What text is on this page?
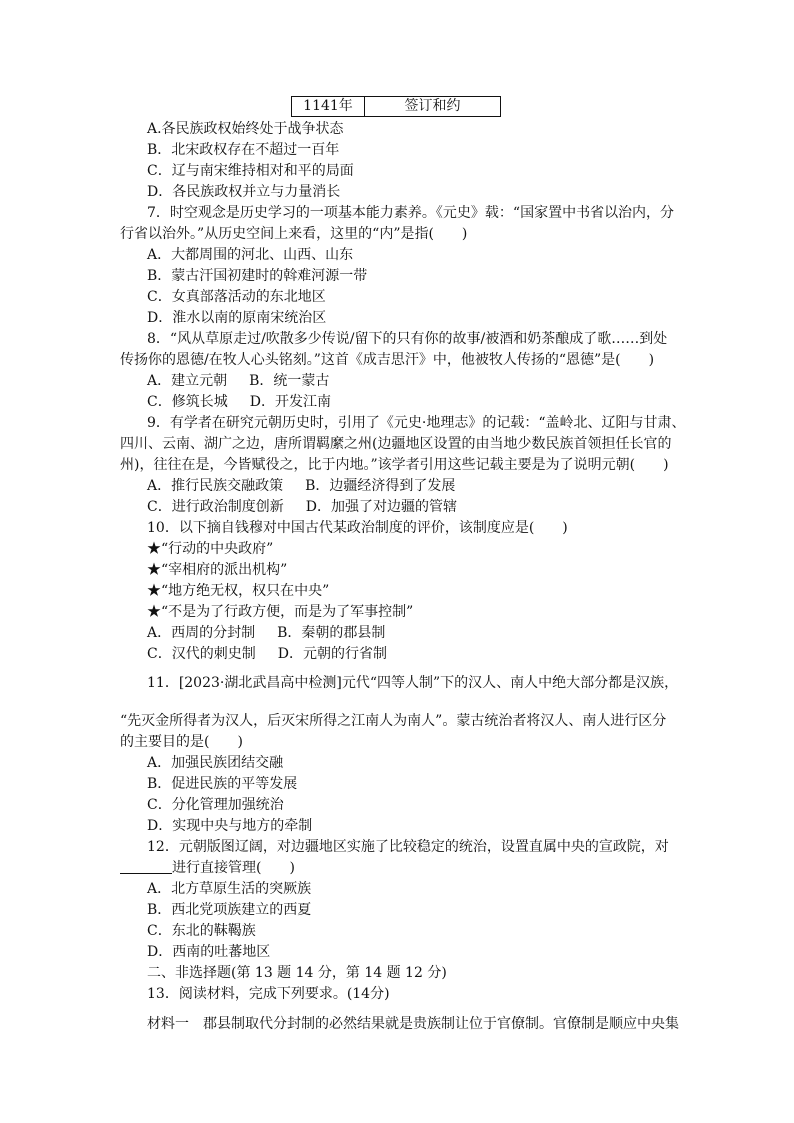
1141年	签订和约
A.各民族政权始终处于战争状态
B．北宋政权存在不超过一百年
C．辽与南宋维持相对和平的局面
D．各民族政权并立与力量消长
7．时空观念是历史学习的一项基本能力素养。《元史》载：“国家置中书省以治内，分
行省以治外。”从历史空间上来看，这里的“内”是指(　　)
A．大都周围的河北、山西、山东
B．蒙古汗国初建时的斡难河源一带
C．女真部落活动的东北地区
D．淮水以南的原南宋统治区
8．“风从草原走过/吹散多少传说/留下的只有你的故事/被酒和奶茶酿成了歌……到处
传扬你的恩德/在牧人心头铭刻。”这首《成吉思汗》中，他被牧人传扬的“恩德”是(　　)
A．建立元朝 B．统一蒙古
C．修筑长城 D．开发江南
9．有学者在研究元朝历史时，引用了《元史·地理志》的记载：“盖岭北、辽阳与甘肃、
四川、云南、湖广之边，唐所谓羁縻之州(边疆地区设置的由当地少数民族首领担任长官的
州)，往往在是，今皆赋役之，比于内地。”该学者引用这些记载主要是为了说明元朝(　　)
A．推行民族交融政策 B．边疆经济得到了发展
C．进行政治制度创新 D．加强了对边疆的管辖
10．以下摘自钱穆对中国古代某政治制度的评价，该制度应是(　　)
★“行动的中央政府”
★“宰相府的派出机构”
★“地方绝无权，权只在中央”
★“不是为了行政方便，而是为了军事控制”
A．西周的分封制 B．秦朝的郡县制
C．汉代的刺史制 D．元朝的行省制
11．[2023·湖北武昌高中检测]元代“四等人制”下的汉人、南人中绝大部分都是汉族，
“先灭金所得者为汉人，后灭宋所得之江南人为南人”。蒙古统治者将汉人、南人进行区分
的主要目的是(　　)
A．加强民族团结交融
B．促进民族的平等发展
C．分化管理加强统治
D．实现中央与地方的牵制
12．元朝版图辽阔，对边疆地区实施了比较稳定的统治，设置直属中央的宣政院，对
进行直接管理(　　)
A．北方草原生活的突厥族
B．西北党项族建立的西夏
C．东北的靺鞨族
D．西南的吐蕃地区
二、非选择题(第 13 题 14 分，第 14 题 12 分)
13．阅读材料，完成下列要求。(14分)
材料一　郡县制取代分封制的必然结果就是贵族制让位于官僚制。官僚制是顺应中央集
